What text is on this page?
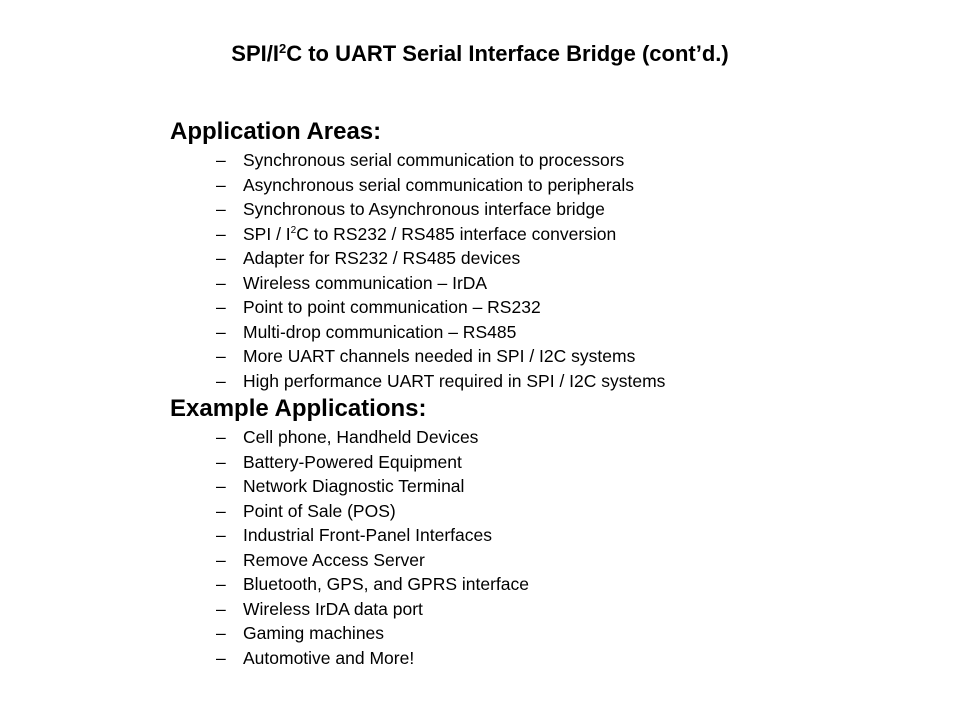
SPI/$I^2C$ to UART Serial Interface Bridge (cont’d.)
Application Areas:
– Synchronous serial communication to processors
– Asynchronous serial communication to peripherals
– Synchronous to Asynchronous interface bridge
– SPI / $I^2C$ to RS232 / RS485 interface conversion
– Adapter for RS232 / RS485 devices
– Wireless communication – IrDA
– Point to point communication – RS232
– Multi-drop communication – RS485
– More UART channels needed in SPI / I2C systems
– High performance UART required in SPI / I2C systems
Example Applications:
– Cell phone, Handheld Devices
– Battery-Powered Equipment
– Network Diagnostic Terminal
– Point of Sale (POS)
– Industrial Front-Panel Interfaces
– Remove Access Server
– Bluetooth, GPS, and GPRS interface
– Wireless IrDA data port
– Gaming machines
– Automotive and More!
